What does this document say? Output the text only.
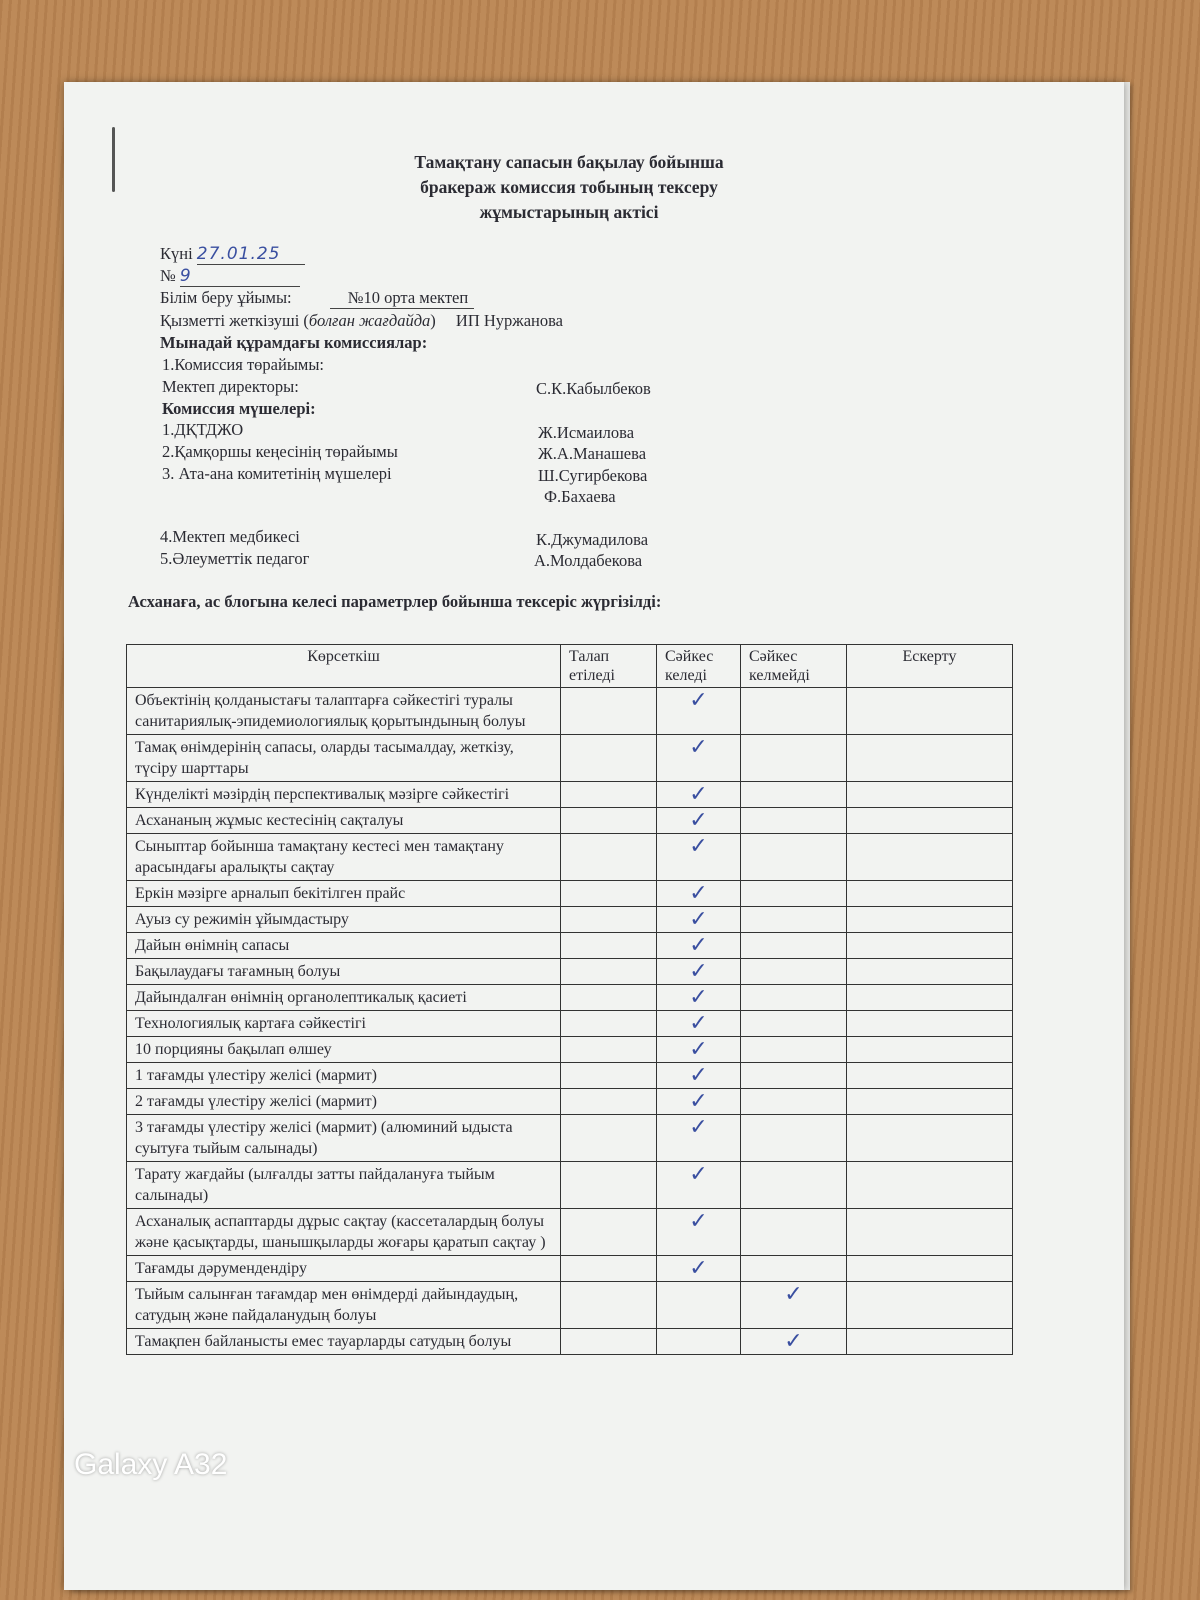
Тамақтану сапасын бақылау бойынша
бракераж комиссия тобының тексеру
жұмыстарының актісі
Күні 27.01.25
№ 9
Білім беру ұйымы:	№10 орта мектеп
Қызметті жеткізуші (болған жағдайда) ИП Нуржанова
Мынадай құрамдағы комиссиялар:
1.Комиссия төрайымы:
Мектеп директоры:	С.К.Кабылбеков
Комиссия мүшелері:
1.ДҚТДЖО	Ж.Исмаилова
2.Қамқоршы кеңесінің төрайымы	Ж.А.Манашева
3. Ата-ана комитетінің мүшелері	Ш.Сугирбекова
Ф.Бахаева
4.Мектеп медбикесі	К.Джумадилова
5.Әлеуметтік педагог	А.Молдабекова
Асханаға, ас блогына келесі параметрлер бойынша тексеріс жүргізілді:
Көрсеткіш	Талап етіледі	Сәйкес келеді	Сәйкес келмейді	Ескерту
Объектінің қолданыстағы талаптарға сәйкестігі туралы санитариялық-эпидемиологиялық қорытындының болуы		✓		
Тамақ өнімдерінің сапасы, оларды тасымалдау, жеткізу, түсіру шарттары		✓		
Күнделікті мәзірдің перспективалық мәзірге сәйкестігі		✓		
Асхананың жұмыс кестесінің сақталуы		✓		
Сыныптар бойынша тамақтану кестесі мен тамақтану арасындағы аралықты сақтау		✓		
Еркін мәзірге арналып бекітілген прайс		✓		
Ауыз су режимін ұйымдастыру		✓		
Дайын өнімнің сапасы		✓		
Бақылаудағы тағамның болуы		✓		
Дайындалған өнімнің органолептикалық қасиеті		✓		
Технологиялық картаға сәйкестігі		✓		
10 порцияны бақылап өлшеу		✓		
1 тағамды үлестіру желісі (мармит)		✓		
2 тағамды үлестіру желісі (мармит)		✓		
3 тағамды үлестіру желісі (мармит) (алюминий ыдыста суытуға тыйым салынады)		✓		
Тарату жағдайы (ылғалды затты пайдалануға тыйым салынады)		✓		
Асханалық аспаптарды дұрыс сақтау (кассеталардың болуы және қасықтарды, шанышқыларды жоғары қаратып сақтау )		✓		
Тағамды дәрумендендіру		✓		
Тыйым салынған тағамдар мен өнімдерді дайындаудың, сатудың және пайдаланудың болуы			✓	
Тамақпен байланысты емес тауарларды сатудың болуы			✓	
Galaxy A32
